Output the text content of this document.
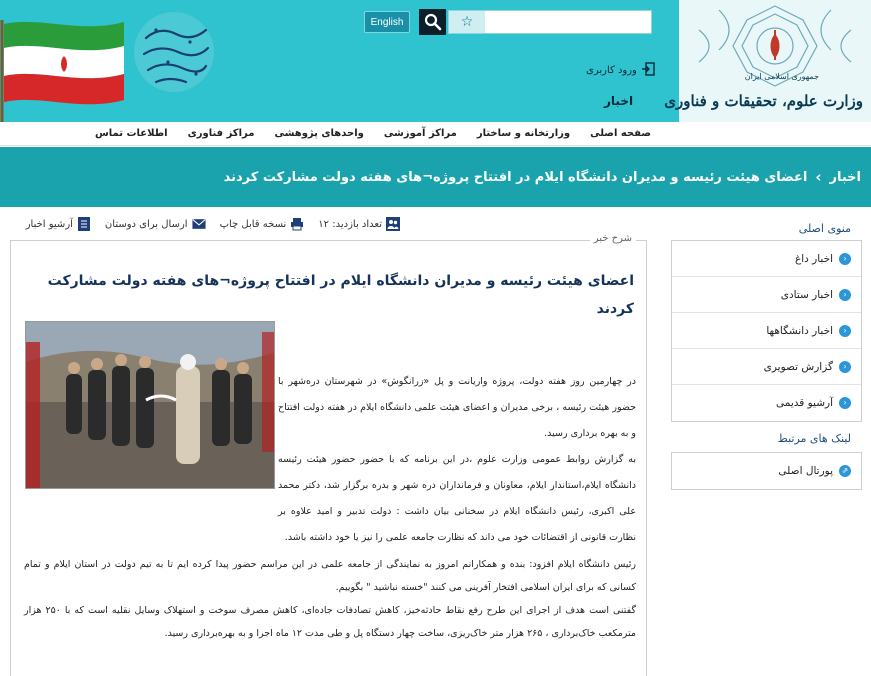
جمهوری اسلامی ایران
وزارت علوم، تحقیقات و فناوری
☆
English
ورود کاربری
اخبار
صفحه اصلی
وزارتخانه و ساختار
مراکز آموزشی
واحدهای پژوهشی
مراکز فناوری
اطلاعات تماس
اخبار
›
اعضای هیئت رئیسه و مدیران دانشگاه ایلام در افتتاح پروژه¬های هفته دولت مشارکت کردند
تعداد بازدید: ۱۲
نسخه قابل چاپ
ارسال برای دوستان
آرشیو اخبار
شرح خبر
اعضای هیئت رئیسه و مدیران دانشگاه ایلام در افتتاح پروژه¬های هفته دولت مشارکت کردند

در چهارمین روز هفته دولت، پروژه واریانت و پل «زرانگوش» در شهرستان دره‌شهر با حضور هیئت رئیسه ، برخی مدیران و اعضای هیئت علمی دانشگاه ایلام در هفته دولت افتتاح و به بهره برداری رسید.

به گزارش روابط عمومی وزارت علوم ،در این برنامه که با حضور حضور هیئت رئیسه دانشگاه ایلام،استاندار ایلام، معاونان و فرمانداران دره شهر و بدره برگزار شد، دکتر محمد علی اکبری، رئیس دانشگاه ایلام در سخنانی بیان داشت : دولت تدبیر و امید علاوه بر نظارت قانونی از اقتضائات خود می داند که نظارت جامعه علمی را نیز یا خود داشته باشد.

رئیس دانشگاه ایلام افزود: بنده و همکارانم امروز به نمایندگی از جامعه علمی در این مراسم حضور پیدا کرده ایم تا به تیم دولت در استان ایلام و تمام کسانی که برای ایران اسلامی افتخار آفرینی می کنند "خسته نباشید " بگوییم.

گفتنی است هدف از اجرای این طرح رفع نقاط حادثه‌خیز، کاهش تصادفات جاده‌ای، کاهش مصرف سوخت و استهلاک وسایل نقلیه است که با ۲۵۰ هزار مترمکعب خاک‌برداری ، ۲۶۵ هزار متر خاک‌ریزی، ساخت چهار دستگاه پل و طی مدت ۱۲ ماه اجرا و به بهره‌برداری رسید.

منوی اصلی
‹
اخبار داغ
‹
اخبار ستادی
‹
اخبار دانشگاهها
‹
گزارش تصویری
‹
آرشیو قدیمی
لینک های مرتبط
⇗
پورتال اصلی
